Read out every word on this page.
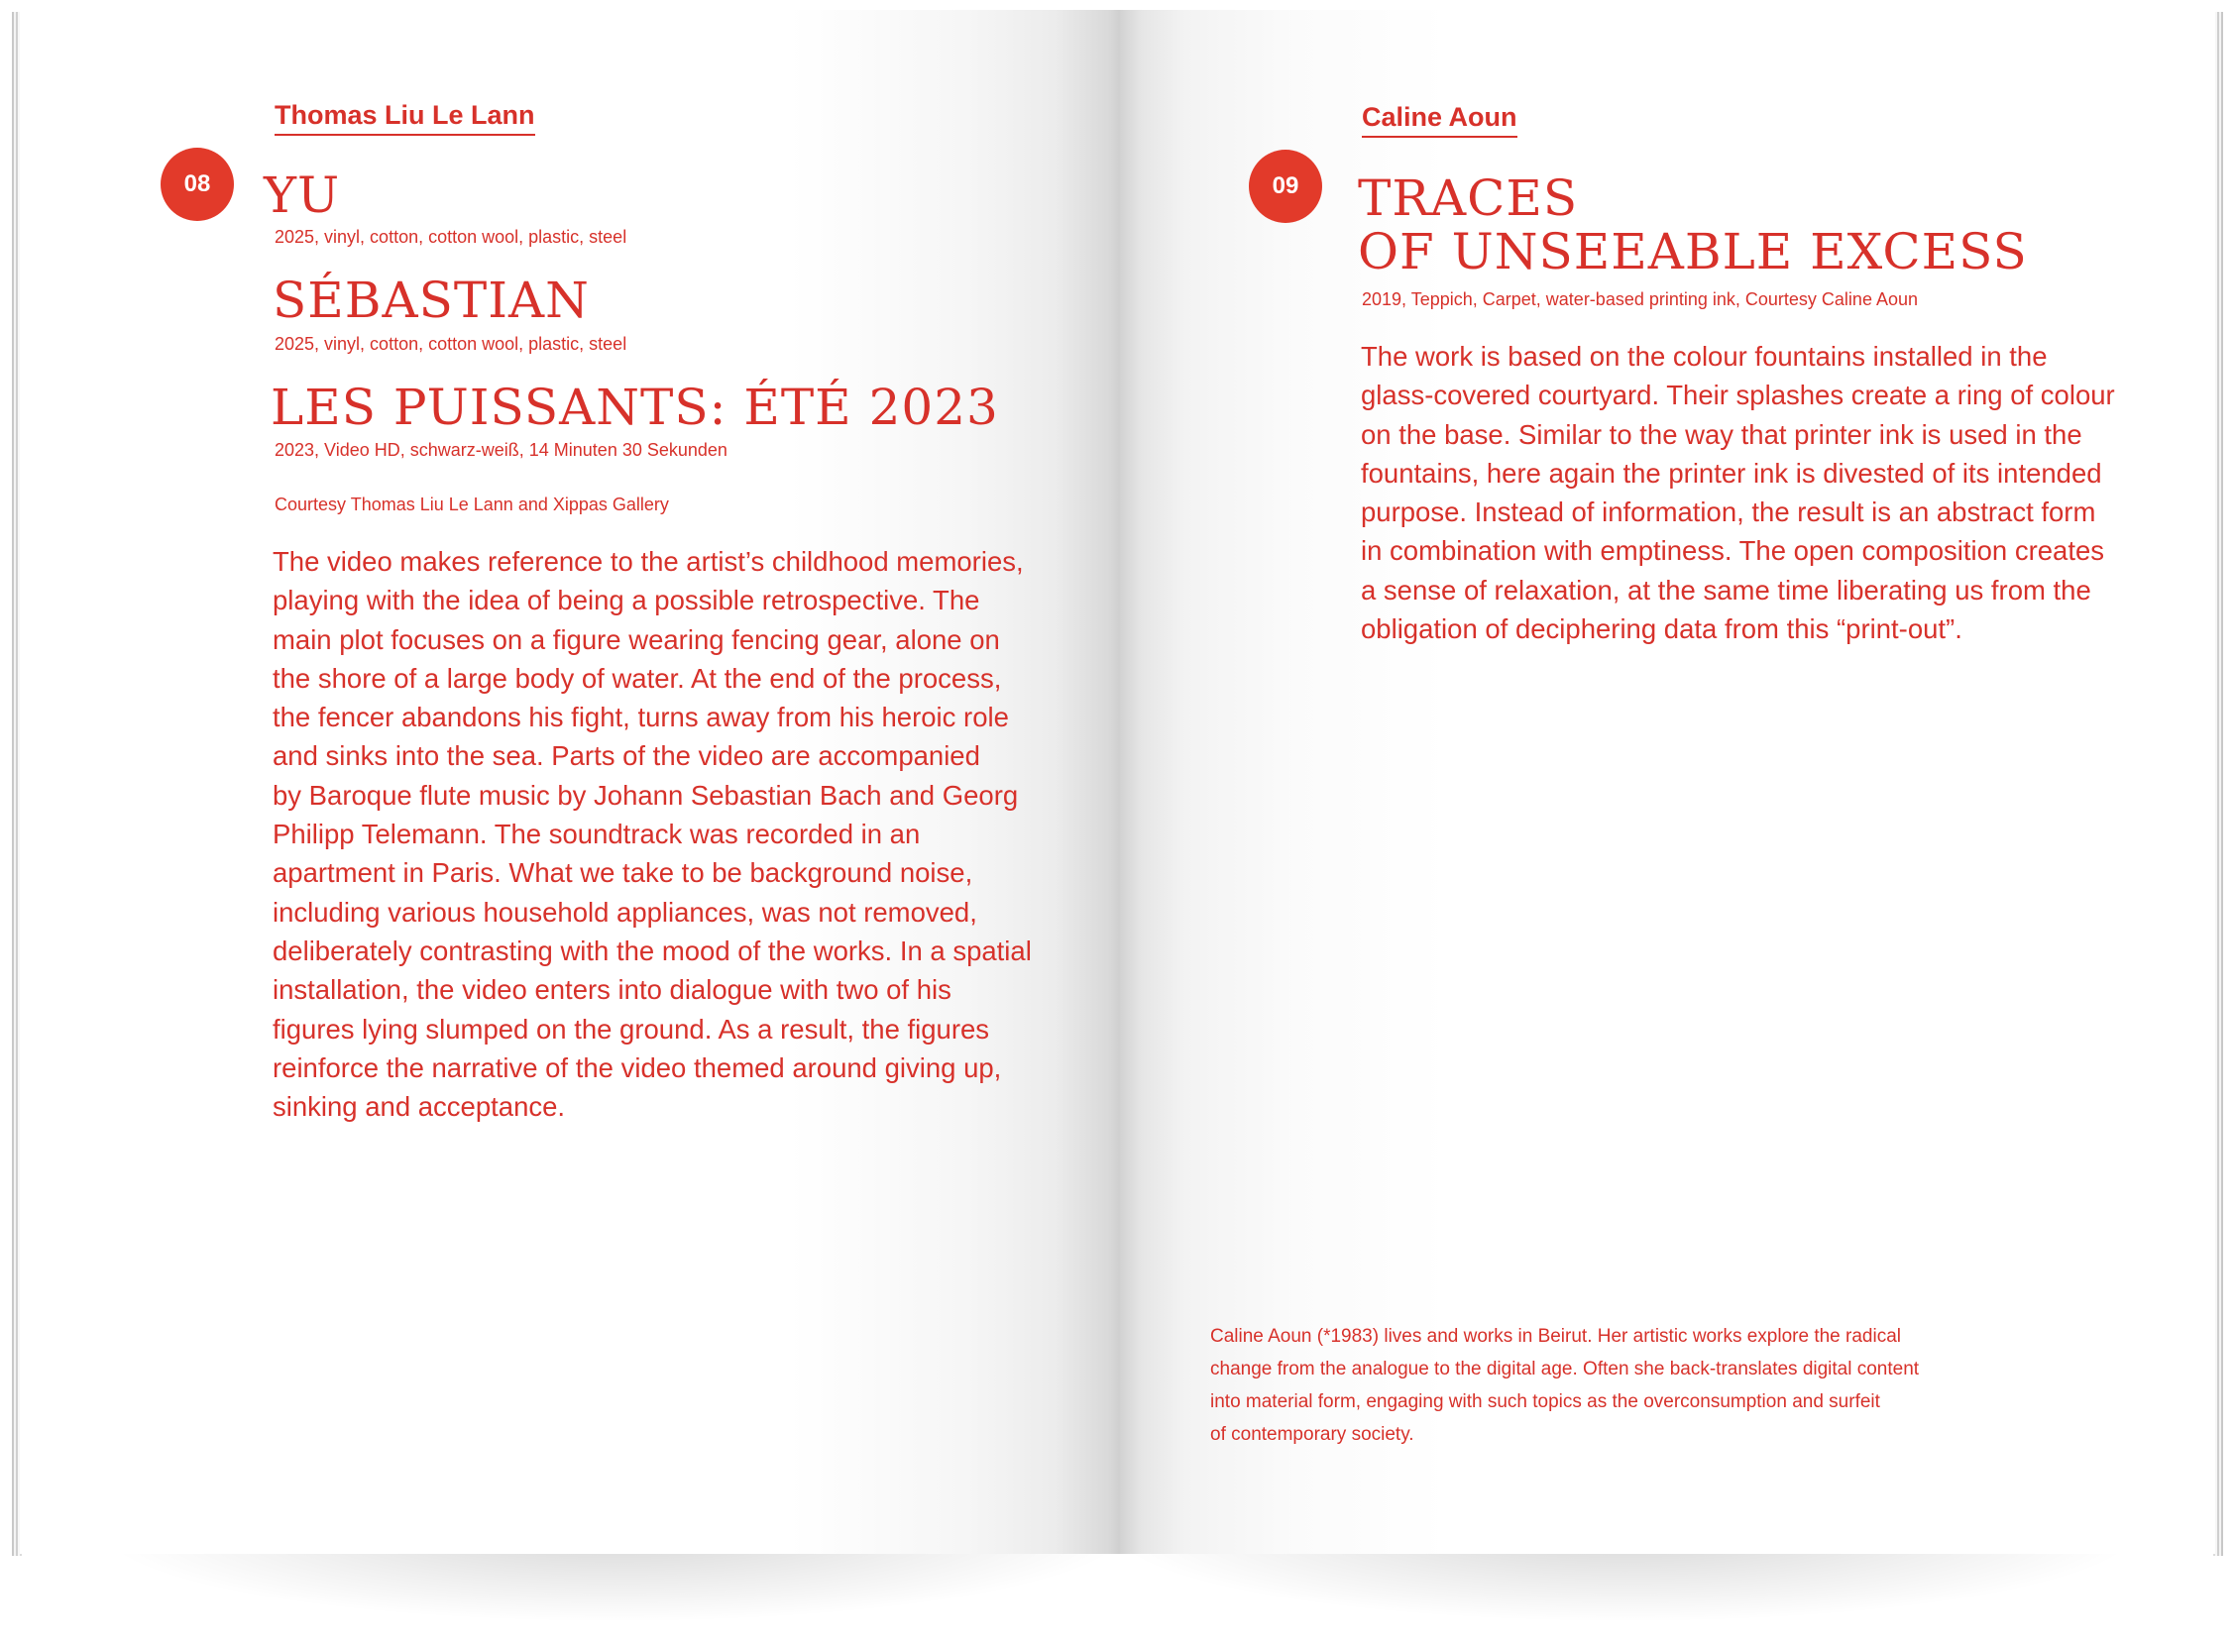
Thomas Liu Le Lann
08	YU
2025, vinyl, cotton, cotton wool, plastic, steel
SÉBASTIAN
2025, vinyl, cotton, cotton wool, plastic, steel
LES PUISSANTS: ÉTÉ 2023
2023, Video HD, schwarz-weiß, 14 Minuten 30 Sekunden
Courtesy Thomas Liu Le Lann and Xippas Gallery
The video makes reference to the artist’s childhood memories,
playing with the idea of being a possible retrospective. The
main plot focuses on a figure wearing fencing gear, alone on
the shore of a large body of water. At the end of the process,
the fencer abandons his fight, turns away from his heroic role
and sinks into the sea. Parts of the video are accompanied
by Baroque flute music by Johann Sebastian Bach and Georg
Philipp Telemann. The soundtrack was recorded in an
apartment in Paris. What we take to be background noise,
including various household appliances, was not removed,
deliberately contrasting with the mood of the works. In a spatial
installation, the video enters into dialogue with two of his
figures lying slumped on the ground. As a result, the figures
reinforce the narrative of the video themed around giving up,
sinking and acceptance.
Caline Aoun
09	TRACES
OF UNSEEABLE EXCESS
2019, Teppich, Carpet, water-based printing ink, Courtesy Caline Aoun
The work is based on the colour fountains installed in the
glass-covered courtyard. Their splashes create a ring of colour
on the base. Similar to the way that printer ink is used in the
fountains, here again the printer ink is divested of its intended
purpose. Instead of information, the result is an abstract form
in combination with emptiness. The open composition creates
a sense of relaxation, at the same time liberating us from the
obligation of deciphering data from this “print-out”.
Caline Aoun (*1983) lives and works in Beirut. Her artistic works explore the radical
change from the analogue to the digital age. Often she back-translates digital content
into material form, engaging with such topics as the overconsumption and surfeit
of contemporary society.
